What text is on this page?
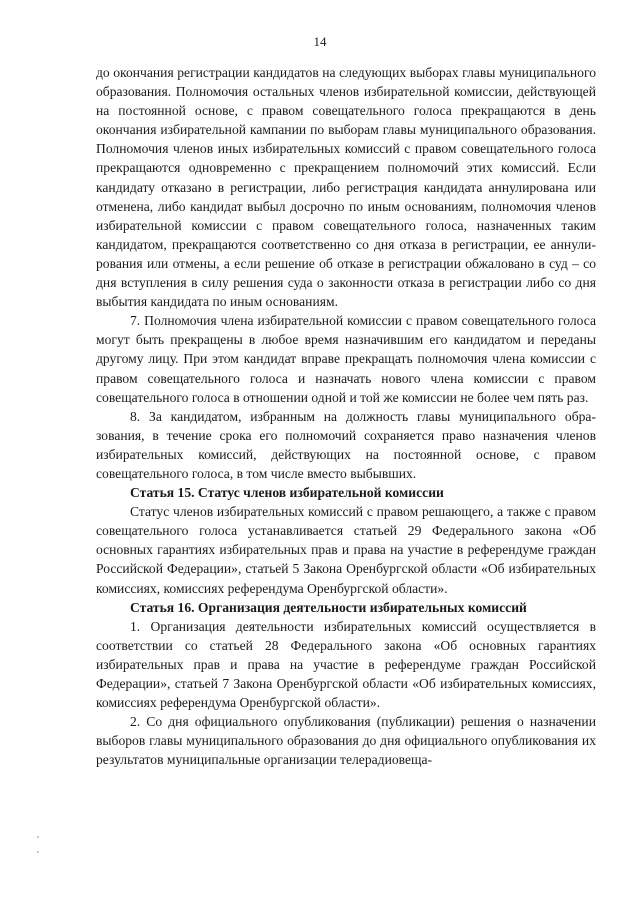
14

до окончания регистрации кандидатов на следующих выборах главы муниципального образования. Полномочия остальных членов избирательной комиссии, действующей на постоянной основе, с правом совещательного голоса прекращаются в день окончания избирательной кампании по выборам главы муниципального образования. Полномочия членов иных избирательных комиссий с правом совещательного голоса прекращаются одновременно с прекращением полномочий этих комиссий. Если кандидату отказано в регистрации, либо регистрация кандидата аннулирована или отменена, либо кандидат выбыл досрочно по иным основаниям, полномочия членов избирательной комиссии с правом совещательного голоса, назначенных таким кандидатом, прекращаются соответственно со дня отказа в регистрации, ее аннулирования или отмены, а если решение об отказе в регистрации обжаловано в суд – со дня вступления в силу решения суда о законности отказа в регистрации либо со дня выбытия кандидата по иным основаниям.

7. Полномочия члена избирательной комиссии с правом совещательного голоса могут быть прекращены в любое время назначившим его кандидатом и переданы другому лицу. При этом кандидат вправе прекращать полномочия члена комиссии с правом совещательного голоса и назначать нового члена комиссии с правом совещательного голоса в отношении одной и той же комиссии не более чем пять раз.

8. За кандидатом, избранным на должность главы муниципального образования, в течение срока его полномочий сохраняется право назначения членов избирательных комиссий, действующих на постоянной основе, с правом совещательного голоса, в том числе вместо выбывших.

Статья 15. Статус членов избирательной комиссии

Статус членов избирательных комиссий с правом решающего, а также с правом совещательного голоса устанавливается статьей 29 Федерального закона «Об основных гарантиях избирательных прав и права на участие в референдуме граждан Российской Федерации», статьей 5 Закона Оренбургской области «Об избирательных комиссиях, комиссиях референдума Оренбургской области».

Статья 16. Организация деятельности избирательных комиссий

1. Организация деятельности избирательных комиссий осуществляется в соответствии со статьей 28 Федерального закона «Об основных гарантиях избирательных прав и права на участие в референдуме граждан Российской Федерации», статьей 7 Закона Оренбургской области «Об избирательных комиссиях, комиссиях референдума Оренбургской области».

2. Со дня официального опубликования (публикации) решения о назначении выборов главы муниципального образования до дня официального опубликования их результатов муниципальные организации телерадиовеща-
